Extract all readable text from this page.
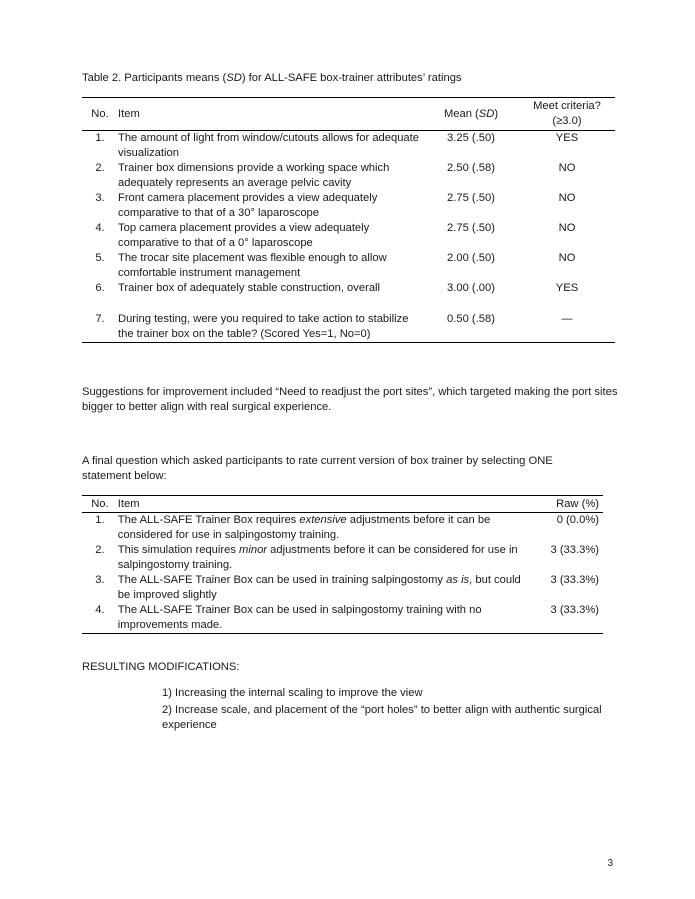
Table 2. Participants means (SD) for ALL-SAFE box-trainer attributes’ ratings
No.	Item	Mean (SD)	Meet criteria?
(≥3.0)
1.	The amount of light from window/cutouts allows for adequate visualization	3.25 (.50)	YES
2.	Trainer box dimensions provide a working space which adequately represents an average pelvic cavity	2.50 (.58)	NO
3.	Front camera placement provides a view adequately comparative to that of a 30° laparoscope	2.75 (.50)	NO
4.	Top camera placement provides a view adequately comparative to that of a 0° laparoscope	2.75 (.50)	NO
5.	The trocar site placement was flexible enough to allow comfortable instrument management	2.00 (.50)	NO
6.	Trainer box of adequately stable construction, overall	3.00 (.00)	YES
7.	During testing, were you required to take action to stabilize the trainer box on the table? (Scored Yes=1, No=0)	0.50 (.58)	—
Suggestions for improvement included “Need to readjust the port sites”, which targeted making the port sites bigger to better align with real surgical experience.
A final question which asked participants to rate current version of box trainer by selecting ONE statement below:
No.	Item	Raw (%)
1.	The ALL-SAFE Trainer Box requires extensive adjustments before it can be considered for use in salpingostomy training.	0 (0.0%)
2.	This simulation requires minor adjustments before it can be considered for use in salpingostomy training.	3 (33.3%)
3.	The ALL-SAFE Trainer Box can be used in training salpingostomy as is, but could be improved slightly	3 (33.3%)
4.	The ALL-SAFE Trainer Box can be used in salpingostomy training with no improvements made.	3 (33.3%)
RESULTING MODIFICATIONS:
1) Increasing the internal scaling to improve the view
2) Increase scale, and placement of the “port holes” to better align with authentic surgical experience
3
